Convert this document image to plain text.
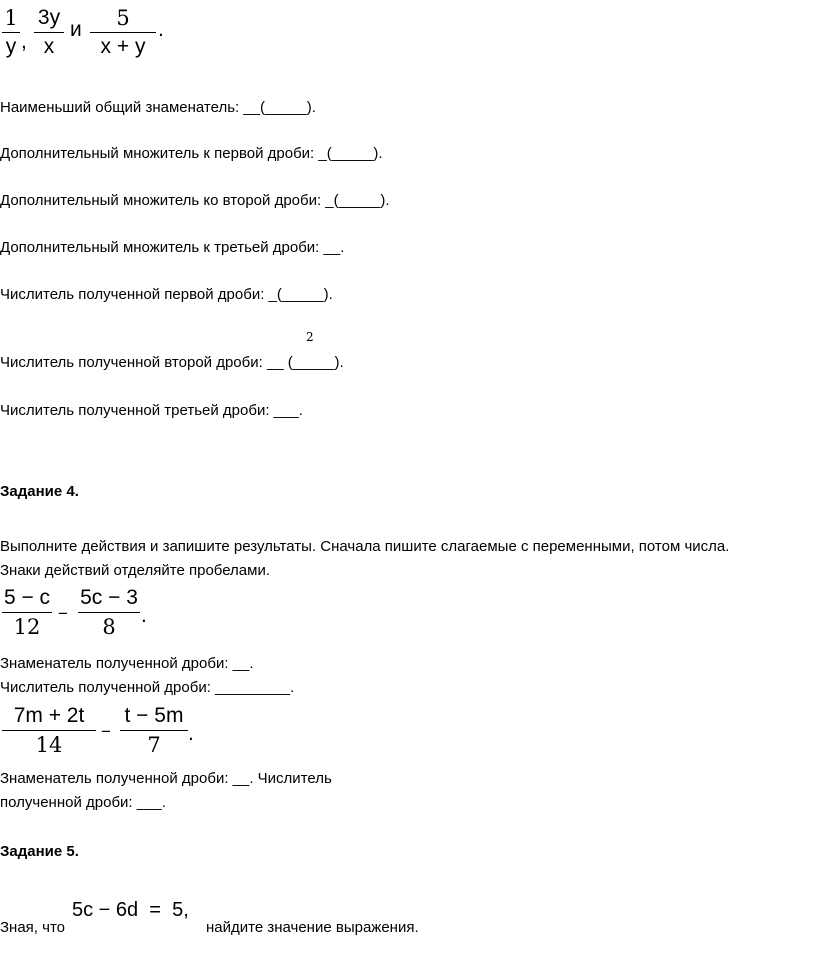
1
y ,
3y
x
и	5
x + y
.
Наименьший общий знаменатель: __(_____).
Дополнительный множитель к первой дроби: _(_____).
Дополнительный множитель ко второй дроби: _(_____).
Дополнительный множитель к третьей дроби: __.
Числитель полученной первой дроби: _(_____).
2
Числитель полученной второй дроби: __ (_____).
Числитель полученной третьей дроби: ___.
Задание 4.
Выполните действия и запишите результаты. Сначала пишите слагаемые с переменными, потом числа.
Знаки действий отделяйте пробелами.
5 − c
12
−
5c − 3
8	.
Знаменатель полученной дроби: __.
Числитель полученной дроби: _________.
7m + 2t
14
−
t − 5m
7	.
Знаменатель полученной дроби: __. Числитель
полученной дроби: ___.
Задание 5.
Зная, что
5c − 6d  =  5,
найдите значение выражения.
